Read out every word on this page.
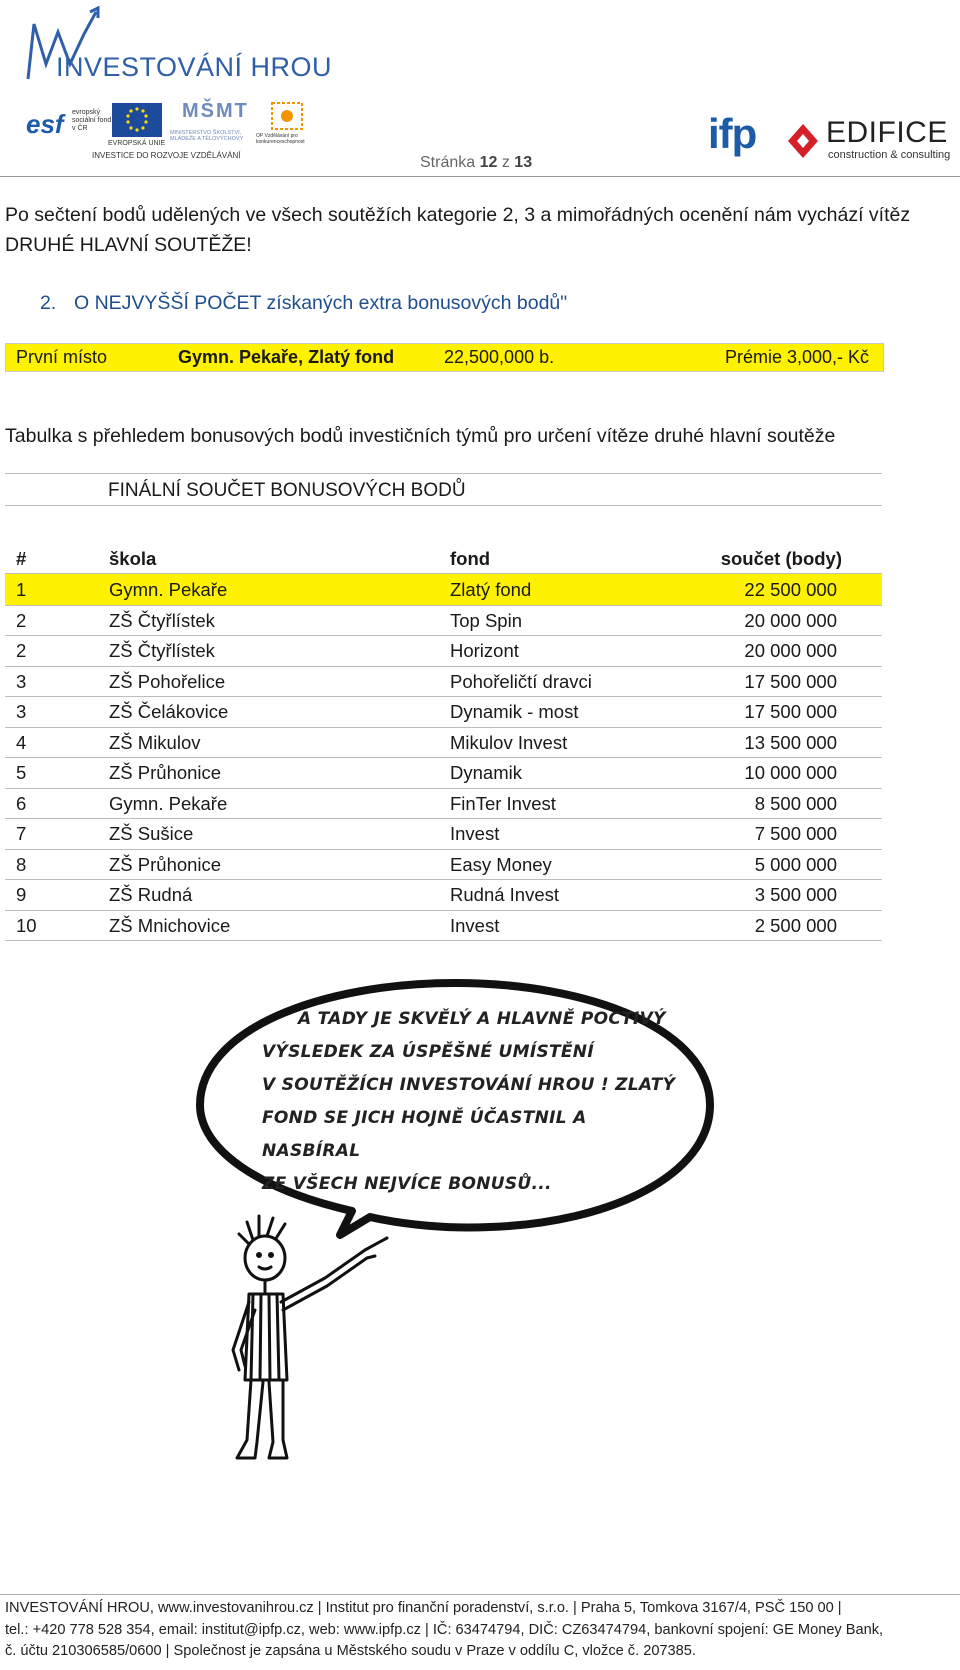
INVESTOVÁNÍ HROU
esf evropský sociální fond v ČR
EVROPSKÁ UNIE
MŠMT
MINISTERSTVO ŠKOLSTVÍ, MLÁDEŽE A TĚLOVÝCHOVY	OP Vzdělávání pro konkurenceschopnost
INVESTICE DO ROZVOJE VZDĚLÁVÁNÍ	ifp EDIFICE
construction & consulting
Stránka 12 z 13
Po sečtení bodů udělených ve všech soutěžích kategorie 2, 3 a mimořádných ocenění nám vychází vítěz DRUHÉ HLAVNÍ SOUTĚŽE!
2. O NEJVYŠŠÍ POČET získaných extra bonusových bodů"
První místo	Gymn. Pekaře, Zlatý fond	22,500,000 b.	Prémie 3,000,- Kč
Tabulka s přehledem bonusových bodů investičních týmů pro určení vítěze druhé hlavní soutěže
FINÁLNÍ SOUČET BONUSOVÝCH BODŮ
#	škola	fond	součet (body)
1	Gymn. Pekaře	Zlatý fond	22 500 000
2	ZŠ Čtyřlístek	Top Spin	20 000 000
2	ZŠ Čtyřlístek	Horizont	20 000 000
3	ZŠ Pohořelice	Pohořeličtí dravci	17 500 000
3	ZŠ Čelákovice	Dynamik - most	17 500 000
4	ZŠ Mikulov	Mikulov Invest	13 500 000
5	ZŠ Průhonice	Dynamik	10 000 000
6	Gymn. Pekaře	FinTer Invest	8 500 000
7	ZŠ Sušice	Invest	7 500 000
8	ZŠ Průhonice	Easy Money	5 000 000
9	ZŠ Rudná	Rudná Invest	3 500 000
10	ZŠ Mnichovice	Invest	2 500 000
A TADY JE SKVĚLÝ A HLAVNĚ POCTIVÝ
VÝSLEDEK ZA ÚSPĚŠNÉ UMÍSTĚNÍ
V SOUTĚŽÍCH INVESTOVÁNÍ HROU ! ZLATÝ
FOND SE JICH HOJNĚ ÚČASTNIL A NASBÍRAL
ZE VŠECH NEJVÍCE BONUSŮ...
INVESTOVÁNÍ HROU, www.investovanihrou.cz | Institut pro finanční poradenství, s.r.o. | Praha 5, Tomkova 3167/4, PSČ 150 00 |
tel.: +420 778 528 354, email: institut@ipfp.cz, web: www.ipfp.cz | IČ: 63474794, DIČ: CZ63474794, bankovní spojení: GE Money Bank,
č. účtu 210306585/0600 | Společnost je zapsána u Městského soudu v Praze v oddílu C, vložce č. 207385.
